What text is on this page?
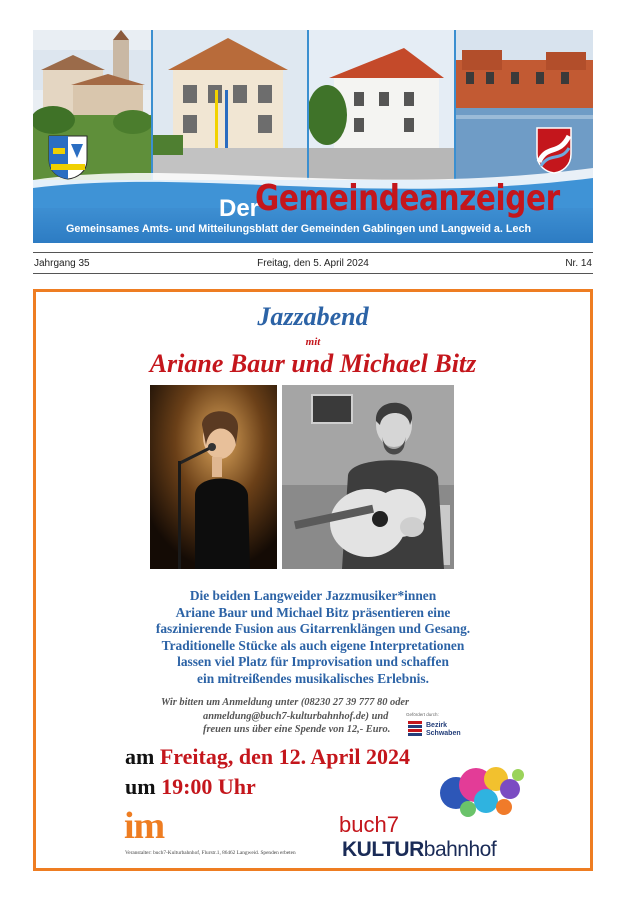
Der
Gemeindeanzeiger
Gemeinsames Amts- und Mitteilungsblatt der Gemeinden Gablingen und Langweid a. Lech
Jahrgang 35	Freitag, den 5. April 2024	Nr. 14
Jazzabend
mit
Ariane Baur und Michael Bitz
Die beiden Langweider Jazzmusiker*innen
Ariane Baur und Michael Bitz präsentieren eine
faszinierende Fusion aus Gitarrenklängen und Gesang.
Traditionelle Stücke als auch eigene Interpretationen
lassen viel Platz für Improvisation und schaffen
ein mitreißendes musikalisches Erlebnis.
Wir bitten um Anmeldung unter (08230 27 39 777 80 oder
anmeldung@buch7-kulturbahnhof.de) und
freuen uns über eine Spende von 12,- Euro.
Gefördert durch:
Bezirk
Schwaben
am Freitag, den 12. April 2024
um 19:00 Uhr
im
Veranstalter: buch7-Kulturbahnhof, Flurstr.1, 86462 Langweid. Spenden erbeten
buch7
KULTURbahnhof
